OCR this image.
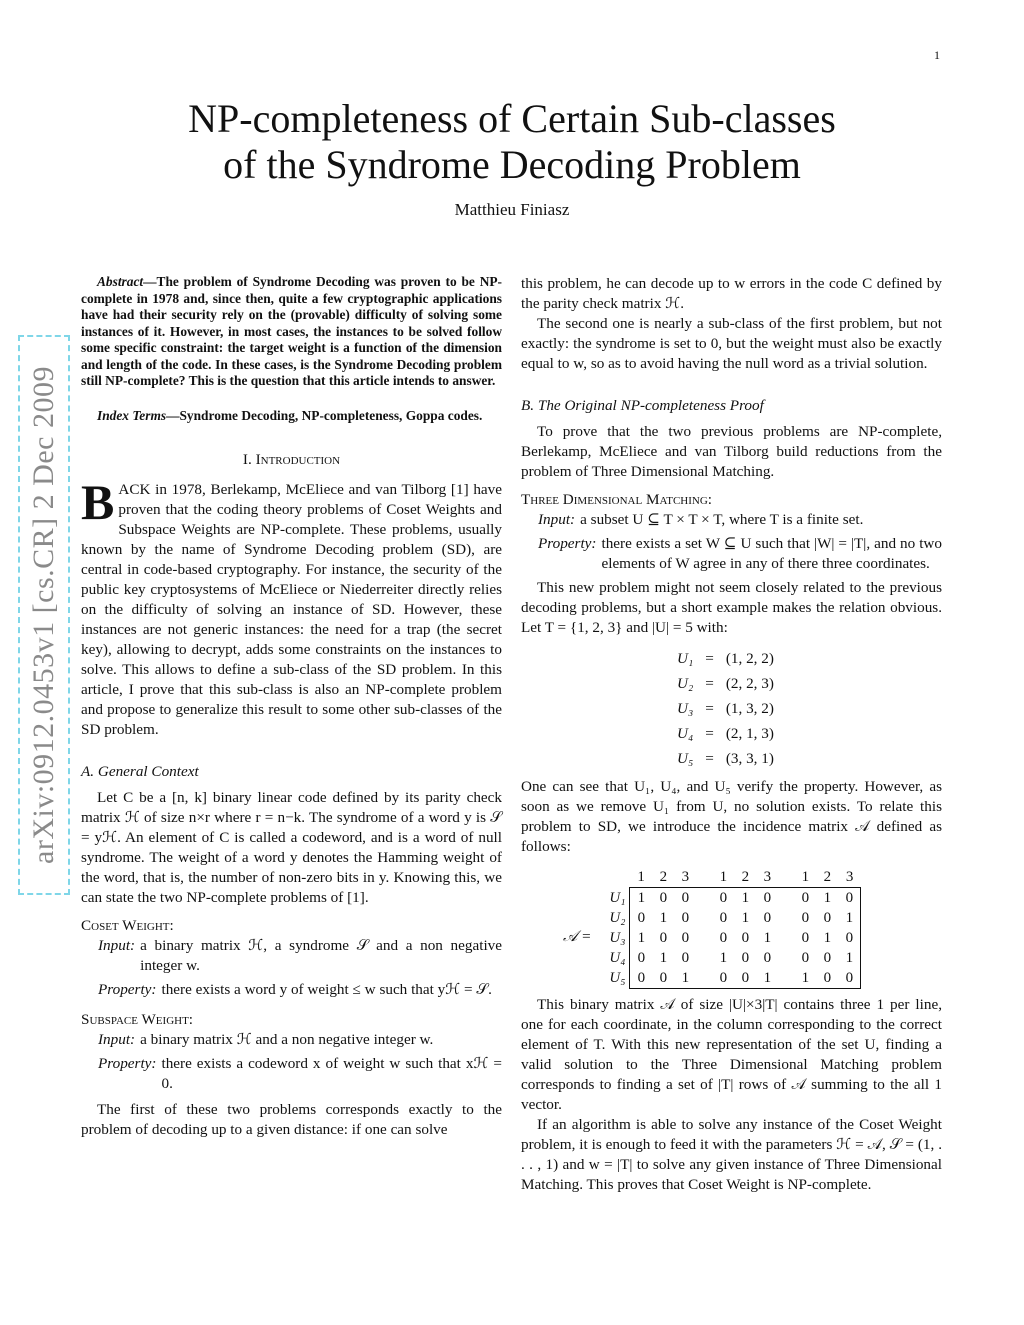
1
arXiv:0912.0453v1 [cs.CR] 2 Dec 2009
NP-completeness of Certain Sub-classes
of the Syndrome Decoding Problem
Matthieu Finiasz

Abstract—The problem of Syndrome Decoding was proven to be NP-complete in 1978 and, since then, quite a few cryptographic applications have had their security rely on the (provable) difficulty of solving some instances of it. However, in most cases, the instances to be solved follow some specific constraint: the target weight is a function of the dimension and length of the code. In these cases, is the Syndrome Decoding problem still NP-complete? This is the question that this article intends to answer.

Index Terms—Syndrome Decoding, NP-completeness, Goppa codes.

I. Introduction

BACK in 1978, Berlekamp, McEliece and van Tilborg [1] have proven that the coding theory problems of Coset Weights and Subspace Weights are NP-complete. These problems, usually known by the name of Syndrome Decoding problem (SD), are central in code-based cryptography. For instance, the security of the public key cryptosystems of McEliece or Niederreiter directly relies on the difficulty of solving an instance of SD. However, these instances are not generic instances: the need for a trap (the secret key), allowing to decrypt, adds some constraints on the instances to solve. This allows to define a sub-class of the SD problem. In this article, I prove that this sub-class is also an NP-complete problem and propose to generalize this result to some other sub-classes of the SD problem.

A. General Context

Let C be a [n, k] binary linear code defined by its parity check matrix ℋ of size n×r where r = n−k. The syndrome of a word y is 𝒮 = yℋ. An element of C is called a codeword, and is a word of null syndrome. The weight of a word y denotes the Hamming weight of the word, that is, the number of non-zero bits in y. Knowing this, we can state the two NP-complete problems of [1].

Coset Weight:
Input: a binary matrix ℋ, a syndrome 𝒮 and a non negative integer w.
Property: there exists a word y of weight ≤ w such that yℋ = 𝒮.
Subspace Weight:
Input: a binary matrix ℋ and a non negative integer w.
Property: there exists a codeword x of weight w such that xℋ = 0.

The first of these two problems corresponds exactly to the problem of decoding up to a given distance: if one can solve

this problem, he can decode up to w errors in the code C defined by the parity check matrix ℋ.

The second one is nearly a sub-class of the first problem, but not exactly: the syndrome is set to 0, but the weight must also be exactly equal to w, so as to avoid having the null word as a trivial solution.

B. The Original NP-completeness Proof

To prove that the two previous problems are NP-complete, Berlekamp, McEliece and van Tilborg build reductions from the problem of Three Dimensional Matching.

Three Dimensional Matching:
Input: a subset U ⊆ T × T × T, where T is a finite set.
Property: there exists a set W ⊆ U such that |W| = |T|, and no two elements of W agree in any of there three coordinates.

This new problem might not seem closely related to the previous decoding problems, but a short example makes the relation obvious. Let T = {1, 2, 3} and |U| = 5 with:

U₁	=	(1, 2, 2)
U₂	=	(2, 2, 3)
U₃	=	(1, 3, 2)
U₄	=	(2, 1, 3)
U₅	=	(3, 3, 1)

One can see that U₁, U₄, and U₅ verify the property. However, as soon as we remove U₁ from U, no solution exists. To relate this problem to SD, we introduce the incidence matrix 𝒜 defined as follows:

𝒜 =
	1	2	3		1	2	3		1	2	3
U₁	1	0	0		0	1	0		0	1	0
U₂	0	1	0		0	1	0		0	0	1
U₃	1	0	0		0	0	1		0	1	0
U₄	0	1	0		1	0	0		0	0	1
U₅	0	0	1		0	0	1		1	0	0

This binary matrix 𝒜 of size |U|×3|T| contains three 1 per line, one for each coordinate, in the column corresponding to the correct element of T. With this new representation of the set U, finding a valid solution to the Three Dimensional Matching problem corresponds to finding a set of |T| rows of 𝒜 summing to the all 1 vector.

If an algorithm is able to solve any instance of the Coset Weight problem, it is enough to feed it with the parameters ℋ = 𝒜, 𝒮 = (1, . . . , 1) and w = |T| to solve any given instance of Three Dimensional Matching. This proves that Coset Weight is NP-complete.
